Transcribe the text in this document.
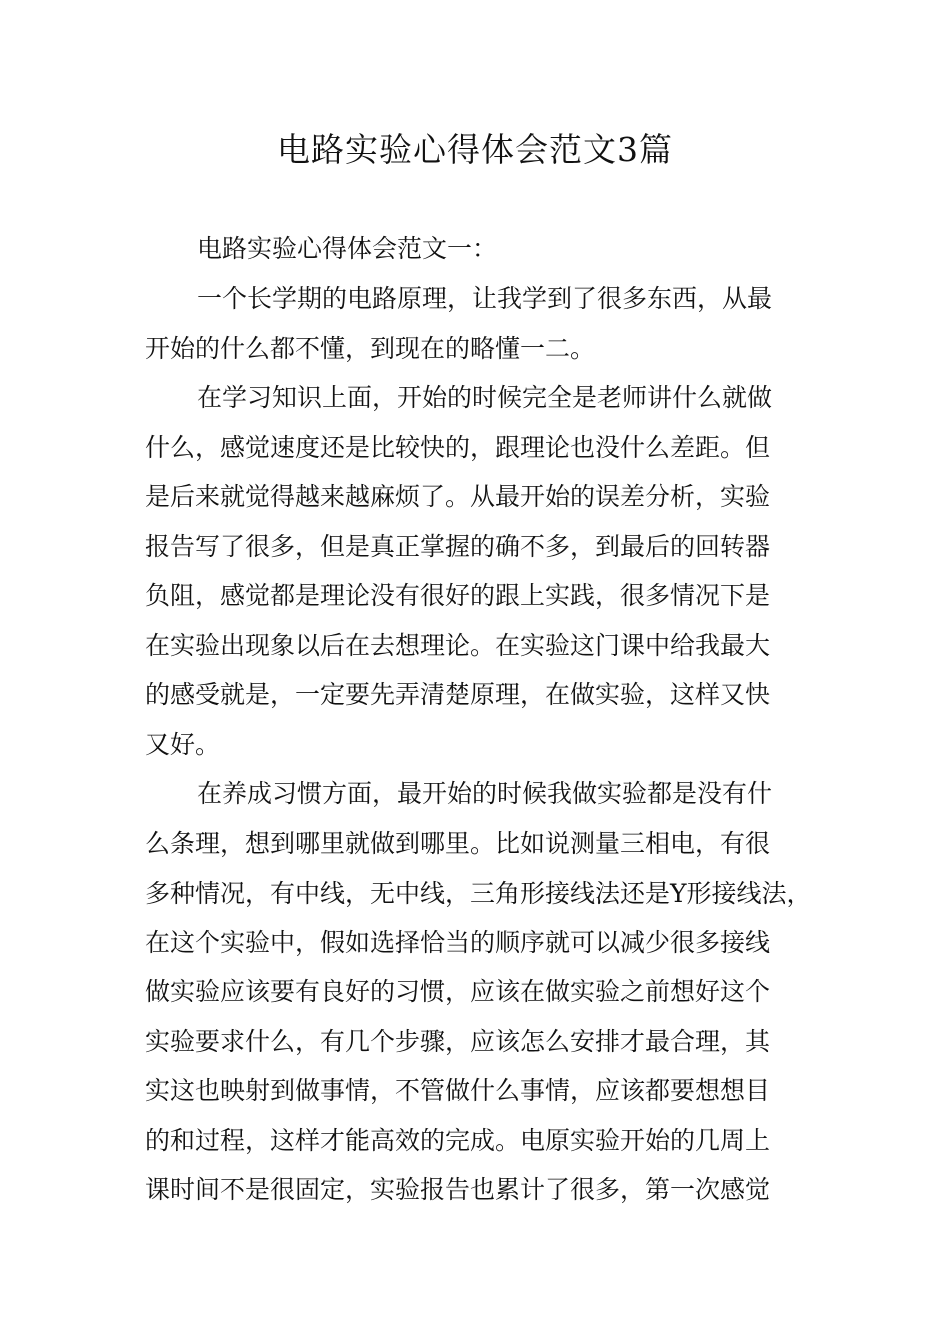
电路实验心得体会范文3篇
电路实验心得体会范文一：
一个长学期的电路原理，让我学到了很多东西，从最
开始的什么都不懂，到现在的略懂一二。
在学习知识上面，开始的时候完全是老师讲什么就做
什么，感觉速度还是比较快的，跟理论也没什么差距。但
是后来就觉得越来越麻烦了。从最开始的误差分析，实验
报告写了很多，但是真正掌握的确不多，到最后的回转器
负阻，感觉都是理论没有很好的跟上实践，很多情况下是
在实验出现象以后在去想理论。在实验这门课中给我最大
的感受就是，一定要先弄清楚原理，在做实验，这样又快
又好。
在养成习惯方面，最开始的时候我做实验都是没有什
么条理，想到哪里就做到哪里。比如说测量三相电，有很
多种情况，有中线，无中线，三角形接线法还是Y形接线法，
在这个实验中，假如选择恰当的顺序就可以减少很多接线
做实验应该要有良好的习惯，应该在做实验之前想好这个
实验要求什么，有几个步骤，应该怎么安排才最合理，其
实这也映射到做事情，不管做什么事情，应该都要想想目
的和过程，这样才能高效的完成。电原实验开始的几周上
课时间不是很固定，实验报告也累计了很多，第一次感觉
